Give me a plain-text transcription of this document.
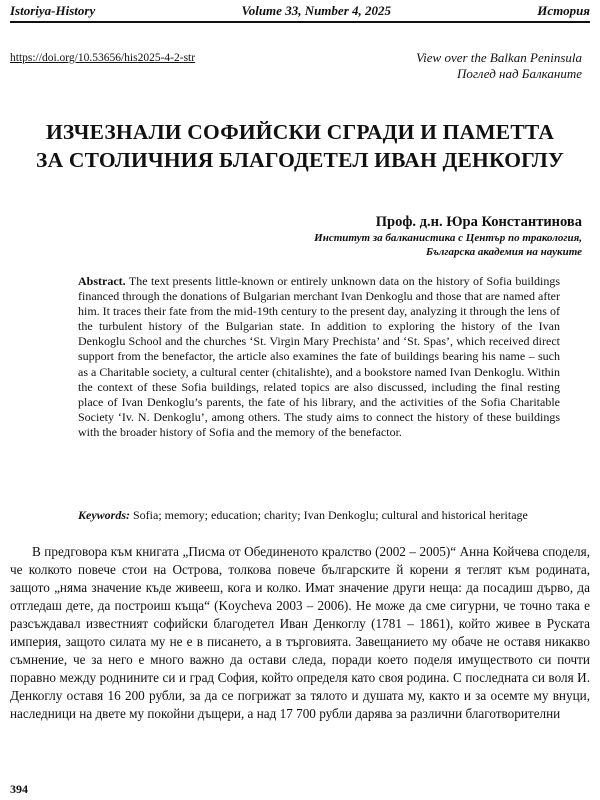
Istoriya-History	Volume 33, Number 4, 2025	История
https://doi.org/10.53656/his2025-4-2-str	View over the Balkan Peninsula
Поглед над Балканите
ИЗЧЕЗНАЛИ СОФИЙСКИ СГРАДИ И ПАМЕТТА
ЗА СТОЛИЧНИЯ БЛАГОДЕТЕЛ ИВАН ДЕНКОГЛУ
Проф. д.н. Юра Константинова
Институт за балканистика с Център по тракология,
Българска академия на науките
Abstract. The text presents little-known or entirely unknown data on the history of Sofia buildings financed through the donations of Bulgarian merchant Ivan Denkoglu and those that are named after him. It traces their fate from the mid-19th century to the present day, analyzing it through the lens of the turbulent history of the Bulgarian state. In addition to exploring the history of the Ivan Denkoglu School and the churches ‘St. Virgin Mary Prechista’ and ‘St. Spas’, which received direct support from the benefactor, the article also examines the fate of buildings bearing his name – such as a Charitable society, a cultural center (chitalishte), and a bookstore named Ivan Denkoglu. Within the context of these Sofia buildings, related topics are also discussed, including the final resting place of Ivan Denkoglu’s parents, the fate of his library, and the activities of the Sofia Charitable Society ‘Iv. N. Denkoglu’, among others. The study aims to connect the history of these buildings with the broader history of Sofia and the memory of the benefactor.
Keywords: Sofia; memory; education; charity; Ivan Denkoglu; cultural and historical heritage

В предговора към книгата „Писма от Обединеното кралство (2002 – 2005)“ Анна Койчева споделя, че колкото повече стои на Острова, толкова повече българските й корени я теглят към родината, защото „няма значение къде живееш, кога и колко. Имат значение други неща: да посадиш дърво, да отгледаш дете, да построиш къща“ (Koycheva 2003 – 2006). Не може да сме сигурни, че точно така е разсъждавал известният софийски благодетел Иван Денкоглу (1781 – 1861), който живее в Руската империя, защото силата му не е в писането, а в търговията. Завещанието му обаче не оставя никакво съмнение, че за него е много важно да остави следа, поради което поделя имуществото си почти поравно между роднините си и град София, който определя като своя родина. С последната си воля И. Денкоглу оставя 16 200 рубли, за да се погрижат за тялото и душата му, както и за осемте му внуци, наследници на двете му покойни дъщери, а над 17 700 рубли дарява за различни благотворителни

394
